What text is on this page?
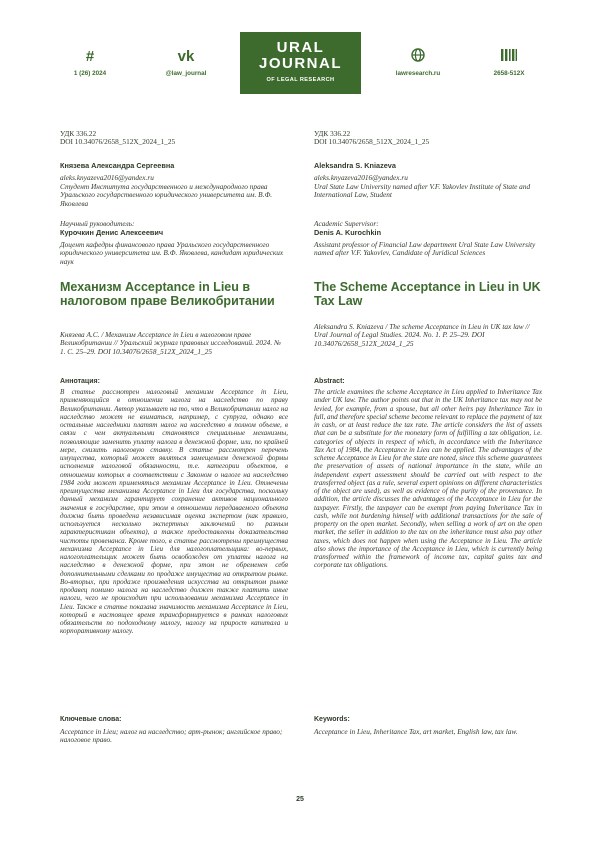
#
1 (26) 2024
vk
@law_journal
URAL
JOURNAL
OF LEGAL RESEARCH
lawresearch.ru	2658-512X
УДК 336.22
DOI 10.34076/2658_512X_2024_1_25
Князева Александра Сергеевна
aleks.knyazeva2016@yandex.ru
Студент Института государственного и международного права Уральского государственного юридического университета им. В.Ф. Яковлева
Научный руководитель:
Курочкин Денис Алексеевич
Доцент кафедры финансового права Уральского государственного юридического университета им. В.Ф. Яковлева, кандидат юридических наук
Механизм Acceptance in Lieu в налоговом праве Великобритании
Князева А.С. / Механизм Acceptance in Lieu в налоговом праве Великобритании // Уральский журнал правовых исследований. 2024. № 1. С. 25–29. DOI 10.34076/2658_512X_2024_1_25
Аннотация:
В статье рассмотрен налоговый механизм Acceptance in Lieu, применяющийся в отношении налога на наследство по праву Великобритании. Автор указывает на то, что в Великобритании налог на наследство может не взиматься, например, с супруга, однако все остальные наследники платят налог на наследство в полном объеме, в связи с чем актуальными становятся специальные механизмы, позволяющие заменить уплату налога в денежной форме, или, по крайней мере, снизить налоговую ставку. В статье рассмотрен перечень имущества, который может являться замещением денежной формы исполнения налоговой обязанности, т.е. категории объектов, в отношении которых в соответствии с Законом о налоге на наследство 1984 года может применяться механизм Acceptance in Lieu. Отмечены преимущества механизма Acceptance in Lieu для государства, поскольку данный механизм гарантирует сохранение активов национального значения в государстве, при этом в отношении передаваемого объекта должна быть проведена независимая оценка экспертом (как правило, используется несколько экспертных заключений по разным характеристикам объекта), а также предоставлены доказательства чистоты провенанса. Кроме того, в статье рассмотрены преимущества механизма Acceptance in Lieu для налогоплательщика: во-первых, налогоплательщик может быть освобожден от уплаты налога на наследство в денежной форме, при этом не обременен себя дополнительными сделками по продаже имущества на открытом рынке. Во-вторых, при продаже произведения искусства на открытом рынке продавец помимо налога на наследство должен также платить иные налоги, чего не происходит при использовании механизма Acceptance in Lieu. Также в статье показана значимость механизма Acceptance in Lieu, который в настоящее время трансформируется в рамках налоговых обязательств по подоходному налогу, налогу на прирост капитала и корпоративному налогу.
Ключевые слова:
Acceptance in Lieu; налог на наследство; арт-рынок; английское право; налоговое право.
УДК 336.22
DOI 10.34076/2658_512X_2024_1_25
Aleksandra S. Kniazeva
aleks.knyazeva2016@yandex.ru
Ural State Law University named after V.F. Yakovlev Institute of State and International Law, Student
Academic Supervisor:
Denis A. Kurochkin
Assistant professor of Financial Law department Ural State Law University named after V.F. Yakovlev, Candidate of Juridical Sciences
The Scheme Acceptance in Lieu in UK Tax Law
Aleksandra S. Kniazeva / The scheme Acceptance in Lieu in UK tax law // Ural Journal of Legal Studies. 2024. No. 1. P. 25–29. DOI 10.34076/2658_512X_2024_1_25
Abstract:
The article examines the scheme Acceptance in Lieu applied to Inheritance Tax under UK law. The author points out that in the UK Inheritance tax may not be levied, for example, from a spouse, but all other heirs pay Inheritance Tax in full, and therefore special scheme become relevant to replace the payment of tax in cash, or at least reduce the tax rate. The article considers the list of assets that can be a substitute for the monetary form of fulfilling a tax obligation, i.e. categories of objects in respect of which, in accordance with the Inheritance Tax Act of 1984, the Acceptance in Lieu can be applied. The advantages of the scheme Acceptance in Lieu for the state are noted, since this scheme guarantees the preservation of assets of national importance in the state, while an independent expert assessment should be carried out with respect to the transferred object (as a rule, several expert opinions on different characteristics of the object are used), as well as evidence of the purity of the provenance. In addition, the article discusses the advantages of the Acceptance in Lieu for the taxpayer. Firstly, the taxpayer can be exempt from paying Inheritance Tax in cash, while not burdening himself with additional transactions for the sale of property on the open market. Secondly, when selling a work of art on the open market, the seller in addition to the tax on the inheritance must also pay other taxes, which does not happen when using the Acceptance in Lieu. The article also shows the importance of the Acceptance in Lieu, which is currently being transformed within the framework of income tax, capital gains tax and corporate tax obligations.
Keywords:
Acceptance in Lieu, Inheritance Tax, art market, English law, tax law.
25
